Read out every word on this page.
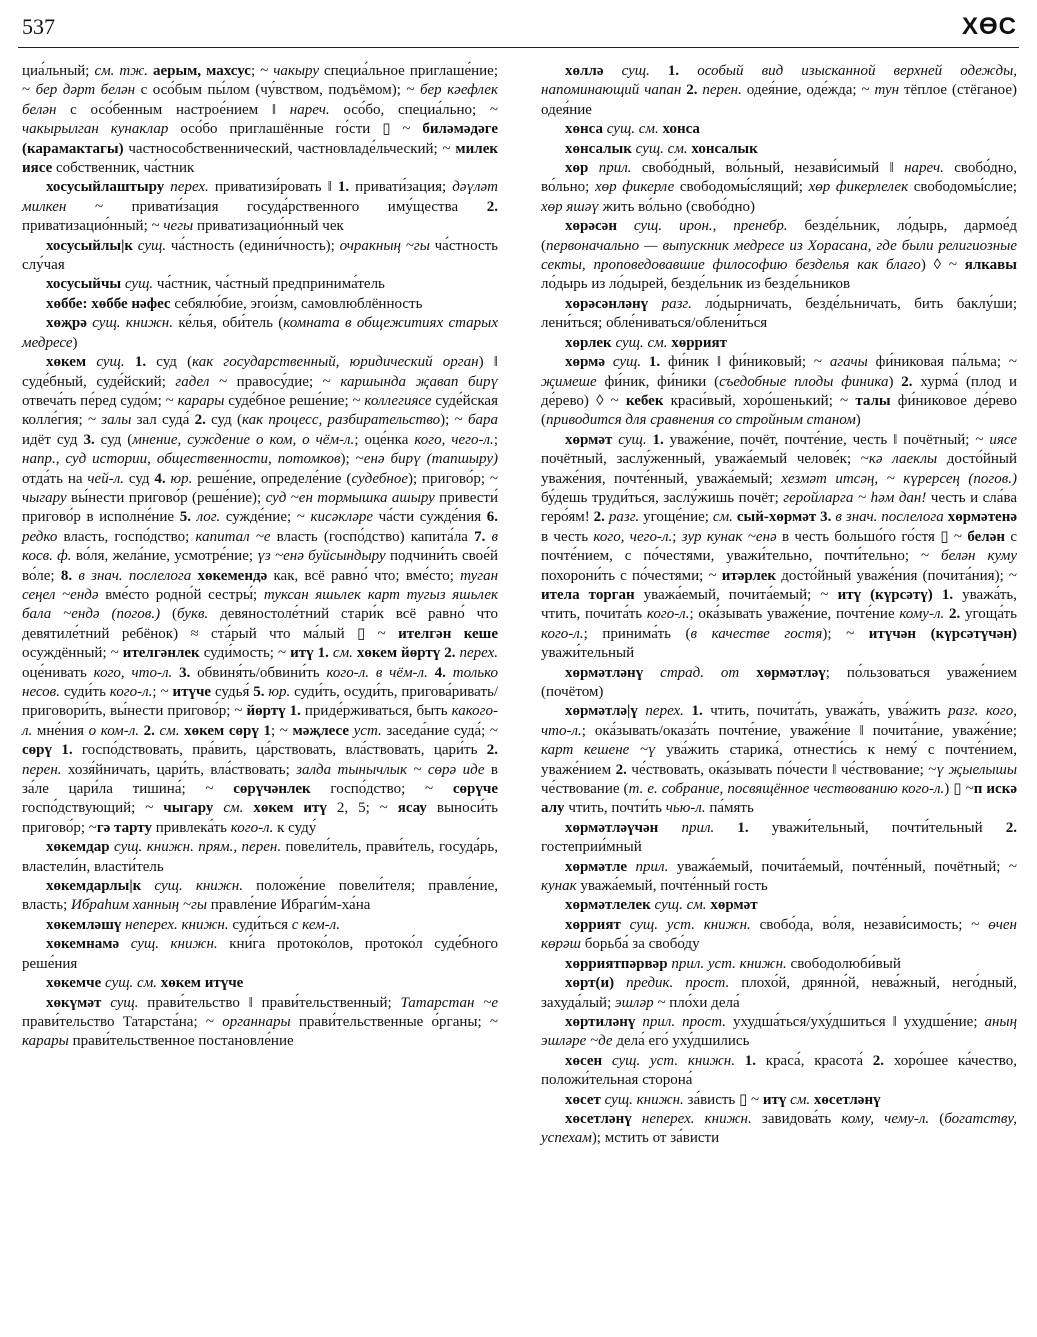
537	ХӨС

циа́льный; см. тж. аерым, махсус; ~ чакыру специа́льное приглаше́ние; ~ бер дәрт белән с осо́бым пы́лом (чу́вством, подъёмом); ~ бер кәефлек белән с осо́бенным настрое́нием ‖ нареч. осо́бо, специа́льно; ~ чакырылган кунаклар осо́бо приглашённые го́сти ▯ ~ биләмәдәге (карамактагы) частнособственнический, частновладе́льческий; ~ милек иясе собственник, ча́стник

хосусыйлаштыру перех. приватизи́ровать ‖ 1. привати́зация; дәүләт милкен ~ привати́зация госуда́рственного иму́щества 2. приватизацио́нный; ~ чегы приватизацио́нный чек

хосусыйлы|к сущ. ча́стность (едини́чность); очракның ~гы ча́стность слу́чая

хосусыйчы сущ. ча́стник, ча́стный предпринима́тель

хөббе: хөббе нәфес себялю́бие, эгои́зм, самовлюблённость

хөҗрә сущ. книжн. ке́лья, оби́тель (комната в общежитиях старых медресе)

хөкем сущ. 1. суд (как государственный, юридический орган) ‖ суде́бный, суде́йский; гадел ~ правосу́дие; ~ каршында җавап бирү отвеча́ть пе́ред судо́м; ~ карары суде́бное реше́ние; ~ коллегиясе суде́йская колле́гия; ~ залы зал суда́ 2. суд (как процесс, разбирательство); ~ бара идёт суд 3. суд (мнение, суждение о ком, о чём-л.; оце́нка кого, чего-л.; напр., суд истории, общественности, потомков); ~енә бирү (тапшыру) отда́ть на чей-л. суд 4. юр. реше́ние, определе́ние (судебное); пригово́р; ~ чыгару вы́нести пригово́р (реше́ние); суд ~ен тормышка ашыру привести́ пригово́р в исполне́ние 5. лог. сужде́ние; ~ кисәкләре ча́сти сужде́ния 6. редко власть, госпо́дство; капитал ~е власть (госпо́дство) капита́ла 7. в косв. ф. во́ля, жела́ние, усмотре́ние; үз ~енә буйсындыру подчини́ть свое́й во́ле; 8. в знач. послелога хөкемендә как, всё равно́ что; вме́сто; туган сеңел ~ендә вме́сто родно́й сестры́; туксан яшьлек карт тугыз яшьлек бала ~ендә (погов.) (букв. девяностоле́тний стари́к всё равно́ что девятиле́тний ребёнок) ≈ ста́рый что ма́лый ▯ ~ ителгән кеше осуждённый; ~ ителгәнлек суди́мость; ~ итү 1. см. хөкем йөртү 2. перех. оце́нивать кого, что-л. 3. обвиня́ть/обвини́ть кого-л. в чём-л. 4. только несов. суди́ть кого-л.; ~ итүче судья́ 5. юр. суди́ть, осуди́ть, пригова́ривать/приговори́ть, вы́нести пригово́р; ~ йөртү 1. приде́рживаться, быть какого-л. мне́ния о ком-л. 2. см. хөкем сөрү 1; ~ мәҗлесе уст. заседа́ние суда́; ~ сөрү 1. госпо́дствовать, пра́вить, ца́рствовать, вла́ствовать, цари́ть 2. перен. хозя́йничать, цари́ть, вла́ствовать; залда тынычлык ~ сөрә иде в за́ле цари́ла тишина́; ~ сөрүчәнлек госпо́дство; ~ сөрүче госпо́дствующий; ~ чыгару см. хөкем итү 2, 5; ~ ясау выноси́ть пригово́р; ~гә тарту привлека́ть кого-л. к суду́

хөкемдар сущ. книжн. прям., перен. повели́тель, прави́тель, госуда́рь, властели́н, власти́тель

хөкемдарлы|к сущ. книжн. положе́ние повели́теля; правле́ние, власть; Ибраһим ханның ~гы правле́ние Ибраги́м-ха́на

хөкемләшү неперех. книжн. суди́ться с кем-л.

хөкемнамә сущ. книжн. кни́га протоко́лов, протоко́л суде́бного реше́ния

хөкемче сущ. см. хөкем итүче

хөкүмәт сущ. прави́тельство ‖ прави́тельственный; Татарстан ~е прави́тельство Татарста́на; ~ органнары прави́тельственные о́рганы; ~ карары прави́тельственное постановле́ние

хөллә сущ. 1. особый вид изысканной верхней одежды, напоминающий чапан 2. перен. одея́ние, оде́жда; ~ тун тёплое (стёганое) одея́ние

хөнса сущ. см. хонса

хөнсалык сущ. см. хонсалык

хөр прил. свобо́дный, во́льный, незави́симый ‖ нареч. свобо́дно, во́льно; хөр фикерле свободомы́слящий; хөр фикерлелек свободомы́слие; хөр яшәү жить во́льно (свобо́дно)

хөрәсән сущ. ирон., пренебр. безде́льник, ло́дырь, дармое́д (первоначально — выпускник медресе из Хорасана, где были религиозные секты, проповедовавшие философию безделья как благо) ◊ ~ ялкавы ло́дырь из ло́дырей, безде́льник из безде́льников

хөрәсәнләнү разг. ло́дырничать, безде́льничать, бить баклу́ши; лени́ться; обле́ниваться/облени́ться

хөрлек сущ. см. хөррият

хөрмә сущ. 1. фи́ник ‖ фи́никовый; ~ агачы фи́никовая па́льма; ~ җимеше фи́ник, фи́ники (съедобные плоды финика) 2. хурма́ (плод и де́рево) ◊ ~ кебек краси́вый, хоро́шенький; ~ талы фи́никовое де́рево (приводится для сравнения со стройным станом)

хөрмәт сущ. 1. уваже́ние, почёт, почте́ние, честь ‖ почётный; ~ иясе почётный, заслу́женный, уважа́емый челове́к; ~кә лаеклы досто́йный уваже́ния, почте́нный, уважа́емый; хезмәт итсәң, ~ күрерсең (погов.) бу́дешь труди́ться, заслу́жишь почёт; геройларга ~ һәм дан! честь и сла́ва геро́ям! 2. разг. угоще́ние; см. сый-хөрмәт 3. в знач. послелога хөрмәтенә в честь кого, чего-л.; зур кунак ~енә в честь большо́го го́стя ▯ ~ белән с почте́нием, с по́честями, уважи́тельно, почти́тельно; ~ белән куму похорони́ть с по́честями; ~ итәрлек досто́йный уваже́ния (почита́ния); ~ итела торган уважа́емый, почита́емый; ~ итү (күрсәтү) 1. уважа́ть, чтить, почита́ть кого-л.; ока́зывать уваже́ние, почте́ние кому-л. 2. угоща́ть кого-л.; принима́ть (в качестве гостя); ~ итүчән (күрсәтүчән) уважи́тельный

хөрмәтләнү страд. от хөрмәтләү; по́льзоваться уваже́нием (почётом)

хөрмәтлә|ү перех. 1. чтить, почита́ть, уважа́ть, ува́жить разг. кого, что-л.; ока́зывать/оказа́ть почте́ние, уваже́ние ‖ почита́ние, уваже́ние; карт кешене ~ү ува́жить старика́, отнести́сь к нему́ с почте́нием, уваже́нием 2. че́ствовать, ока́зывать по́чести ‖ че́ствование; ~ү җыелышы че́ствование (т. е. собрание, посвящённое чествованию кого-л.) ▯ ~п искә алу чтить, почти́ть чью-л. па́мять

хөрмәтләүчән прил. 1. уважи́тельный, почти́тельный 2. гостеприи́мный

хөрмәтле прил. уважа́емый, почита́емый, почте́нный, почётный; ~ кунак уважа́емый, почте́нный гость

хөрмәтлелек сущ. см. хөрмәт

хөррият сущ. уст. книжн. свобо́да, во́ля, незави́симость; ~ өчен көрәш борьба́ за свобо́ду

хөрриятпәрвәр прил. уст. книжн. свободолюби́вый

хөрт(и) предик. прост. плохо́й, дрянно́й, нева́жный, него́дный, захуда́лый; эшләр ~ пло́хи дела́

хөртиләнү прил. прост. ухудша́ться/уху́дшиться ‖ ухудше́ние; аның эшләре ~де дела́ его́ уху́дшились

хөсен сущ. уст. книжн. 1. краса́, красота́ 2. хоро́шее ка́чество, положи́тельная сторона́

хөсет сущ. книжн. за́висть ▯ ~ итү см. хөсетләнү

хөсетләнү неперех. книжн. завидова́ть кому, чему-л. (богатству, успехам); мстить от за́висти
